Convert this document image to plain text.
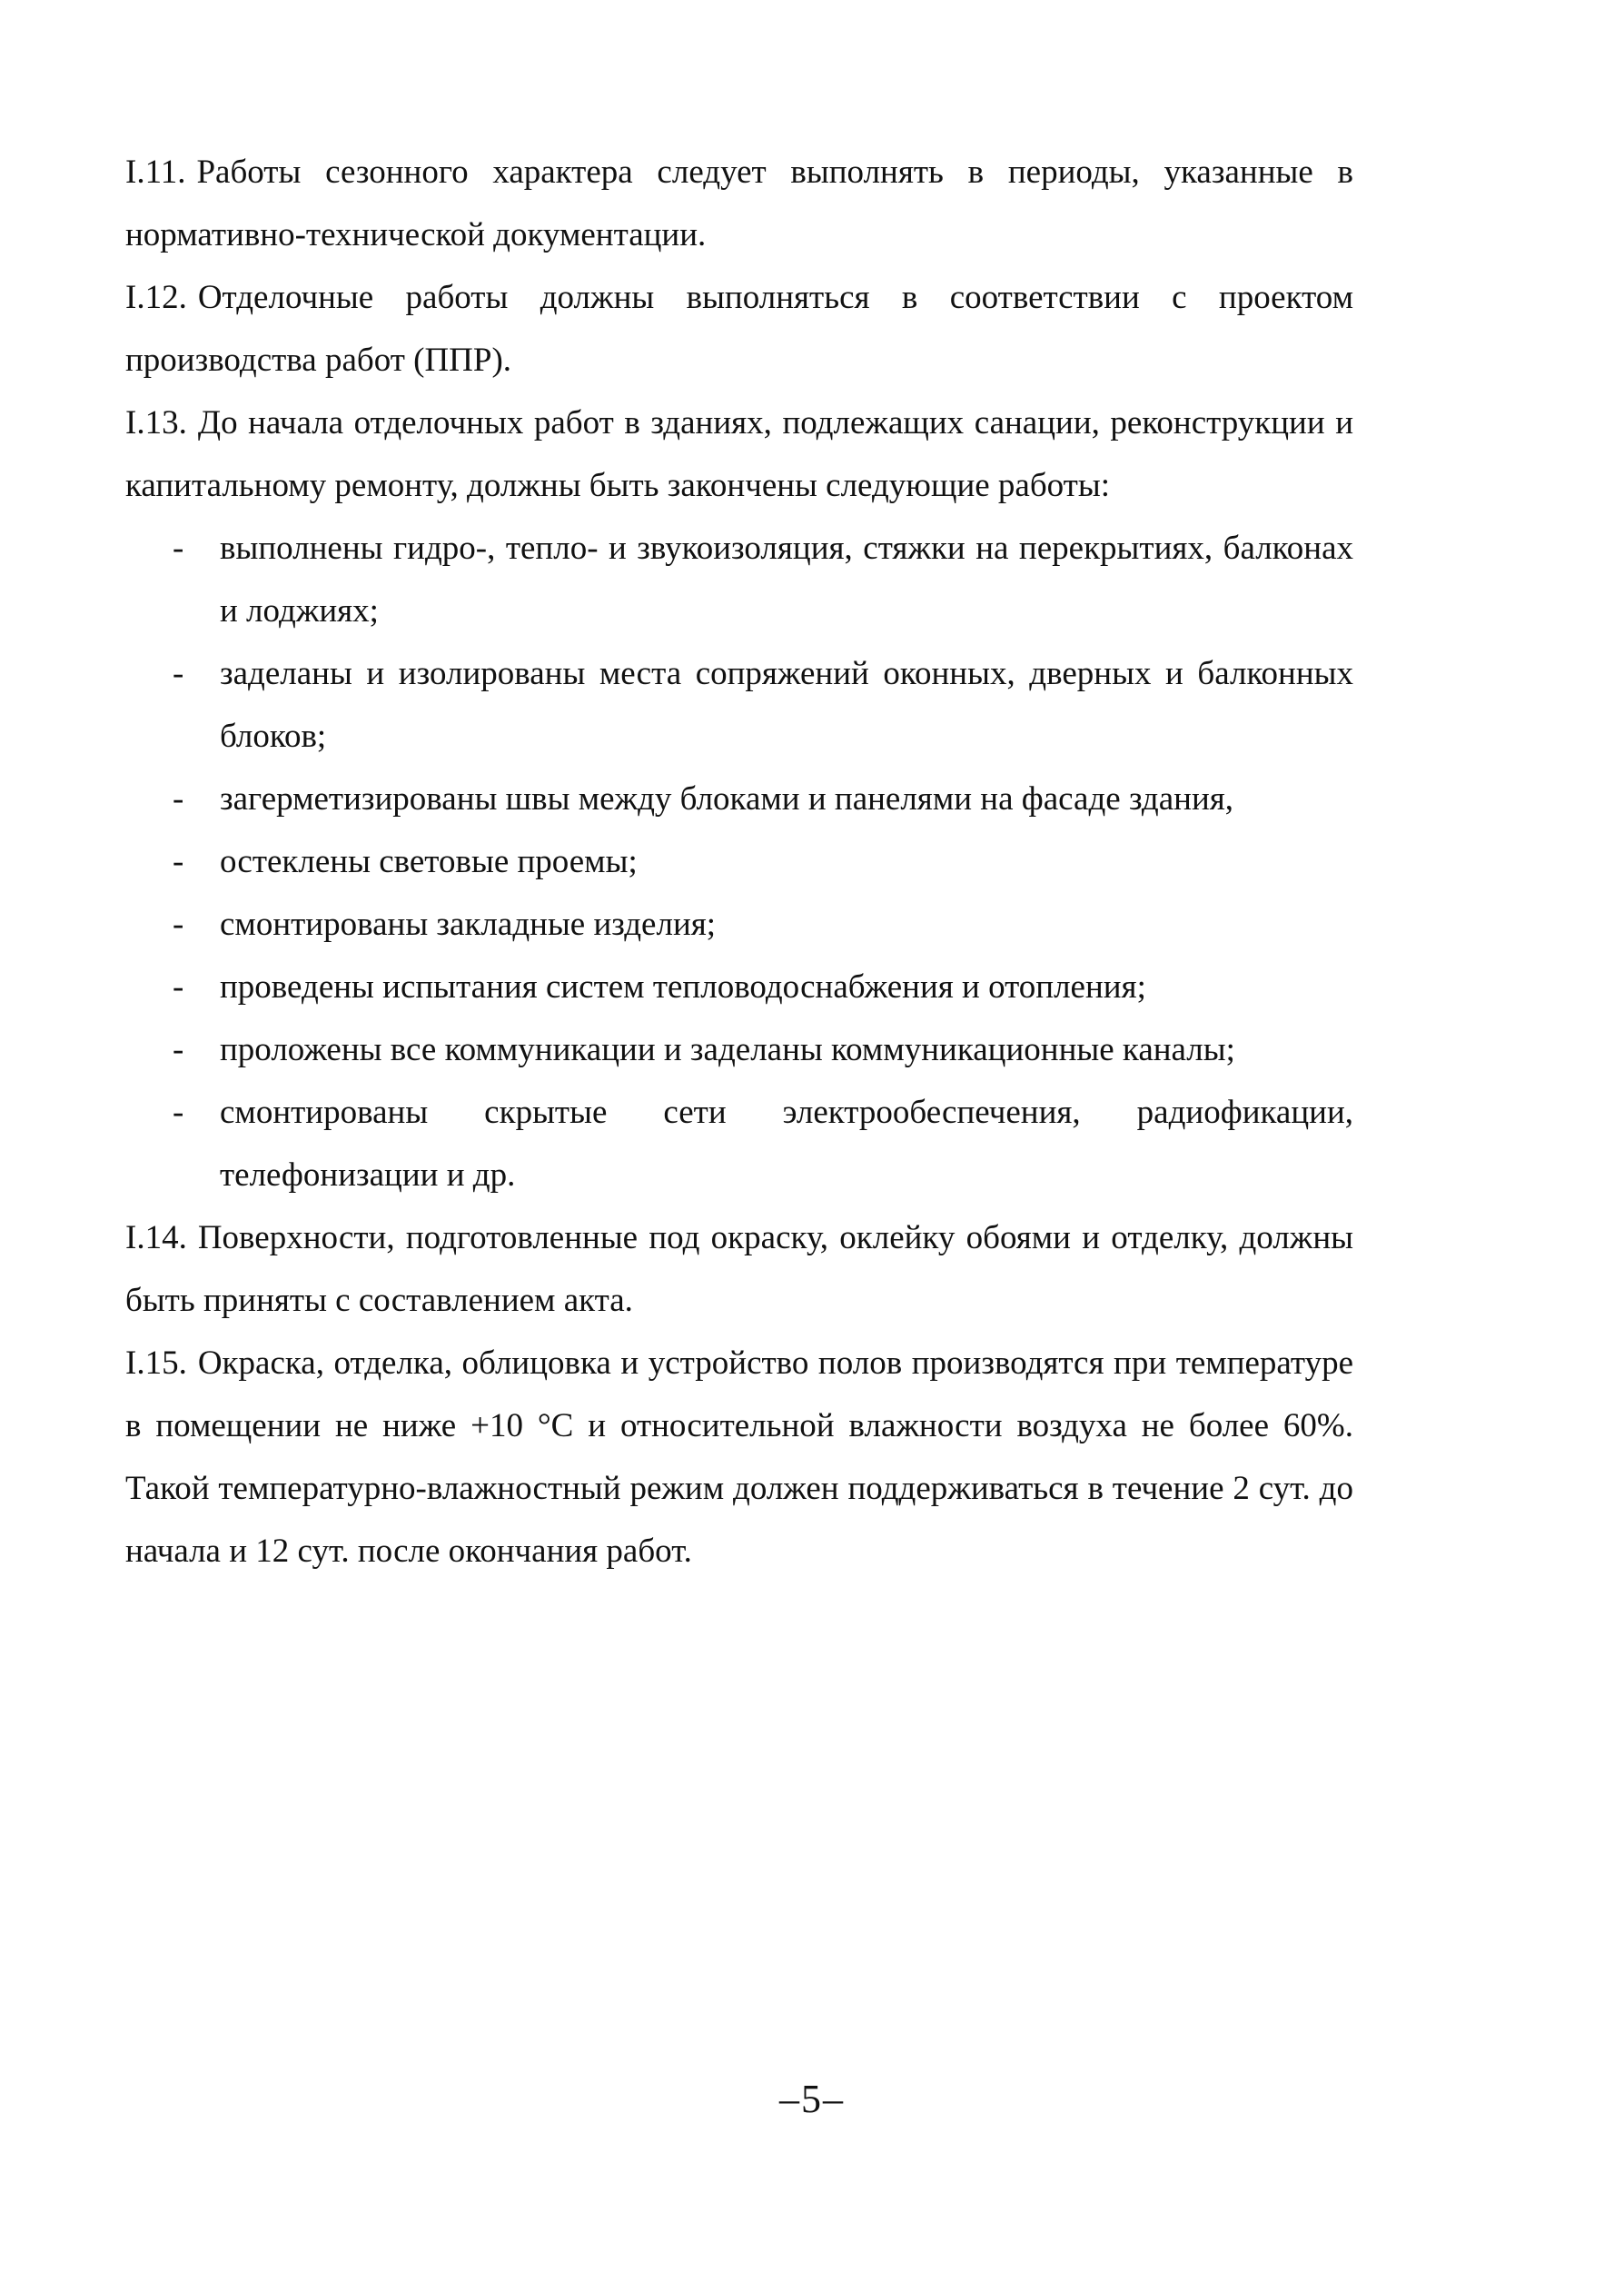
I.11. Работы сезонного характера следует выполнять в периоды, указанные в нормативно-технической документации.

I.12. Отделочные работы должны выполняться в соответствии с проектом производства работ (ППР).

I.13. До начала отделочных работ в зданиях, подлежащих санации, реконструкции и капитальному ремонту, должны быть закончены следующие работы:

- выполнены гидро-, тепло- и звукоизоляция, стяжки на перекрытиях, балконах и лоджиях;
- заделаны и изолированы места сопряжений оконных, дверных и балконных блоков;
- загерметизированы швы между блоками и панелями на фасаде здания,
- остеклены световые проемы;
- смонтированы закладные изделия;
- проведены испытания систем тепловодоснабжения и отопления;
- проложены все коммуникации и заделаны коммуникационные каналы;
- смонтированы скрытые сети электрообеспечения, радиофикации, телефонизации и др.

I.14. Поверхности, подготовленные под окраску, оклейку обоями и отделку, должны быть приняты с составлением акта.

I.15. Окраска, отделка, облицовка и устройство полов производятся при температуре в помещении не ниже +10 °С и относительной влажности воздуха не более 60%. Такой температурно-влажностный режим должен поддерживаться в течение 2 сут. до начала и 12 сут. после окончания работ.

–5–
